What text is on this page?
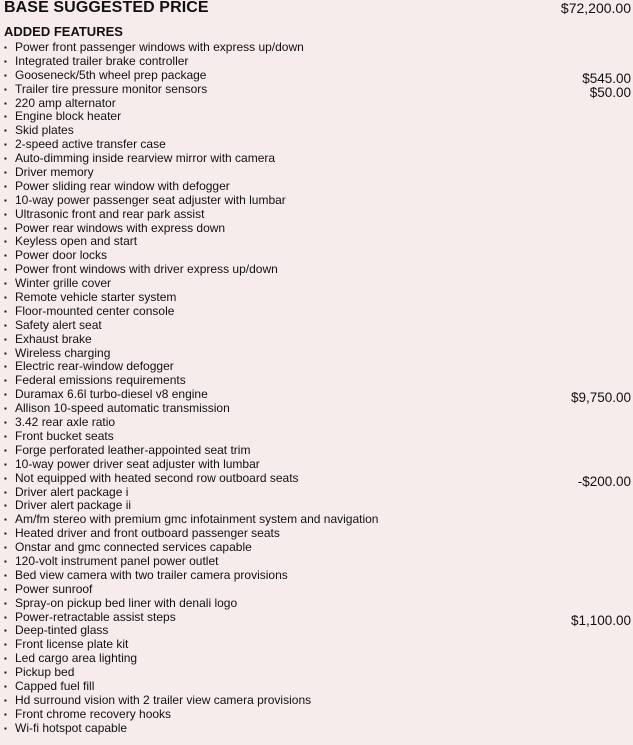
BASE SUGGESTED PRICE	$72,200.00
ADDED FEATURES
▪ Power front passenger windows with express up/down
▪ Integrated trailer brake controller
▪ Gooseneck/5th wheel prep package	$545.00
▪ Trailer tire pressure monitor sensors	$50.00
▪ 220 amp alternator
▪ Engine block heater
▪ Skid plates
▪ 2-speed active transfer case
▪ Auto-dimming inside rearview mirror with camera
▪ Driver memory
▪ Power sliding rear window with defogger
▪ 10-way power passenger seat adjuster with lumbar
▪ Ultrasonic front and rear park assist
▪ Power rear windows with express down
▪ Keyless open and start
▪ Power door locks
▪ Power front windows with driver express up/down
▪ Winter grille cover
▪ Remote vehicle starter system
▪ Floor-mounted center console
▪ Safety alert seat
▪ Exhaust brake
▪ Wireless charging
▪ Electric rear-window defogger
▪ Federal emissions requirements
▪ Duramax 6.6l turbo-diesel v8 engine	$9,750.00
▪ Allison 10-speed automatic transmission
▪ 3.42 rear axle ratio
▪ Front bucket seats
▪ Forge perforated leather-appointed seat trim
▪ 10-way power driver seat adjuster with lumbar
▪ Not equipped with heated second row outboard seats	-$200.00
▪ Driver alert package i
▪ Driver alert package ii
▪ Am/fm stereo with premium gmc infotainment system and navigation
▪ Heated driver and front outboard passenger seats
▪ Onstar and gmc connected services capable
▪ 120-volt instrument panel power outlet
▪ Bed view camera with two trailer camera provisions
▪ Power sunroof
▪ Spray-on pickup bed liner with denali logo
▪ Power-retractable assist steps	$1,100.00
▪ Deep-tinted glass
▪ Front license plate kit
▪ Led cargo area lighting
▪ Pickup bed
▪ Capped fuel fill
▪ Hd surround vision with 2 trailer view camera provisions
▪ Front chrome recovery hooks
▪ Wi-fi hotspot capable
